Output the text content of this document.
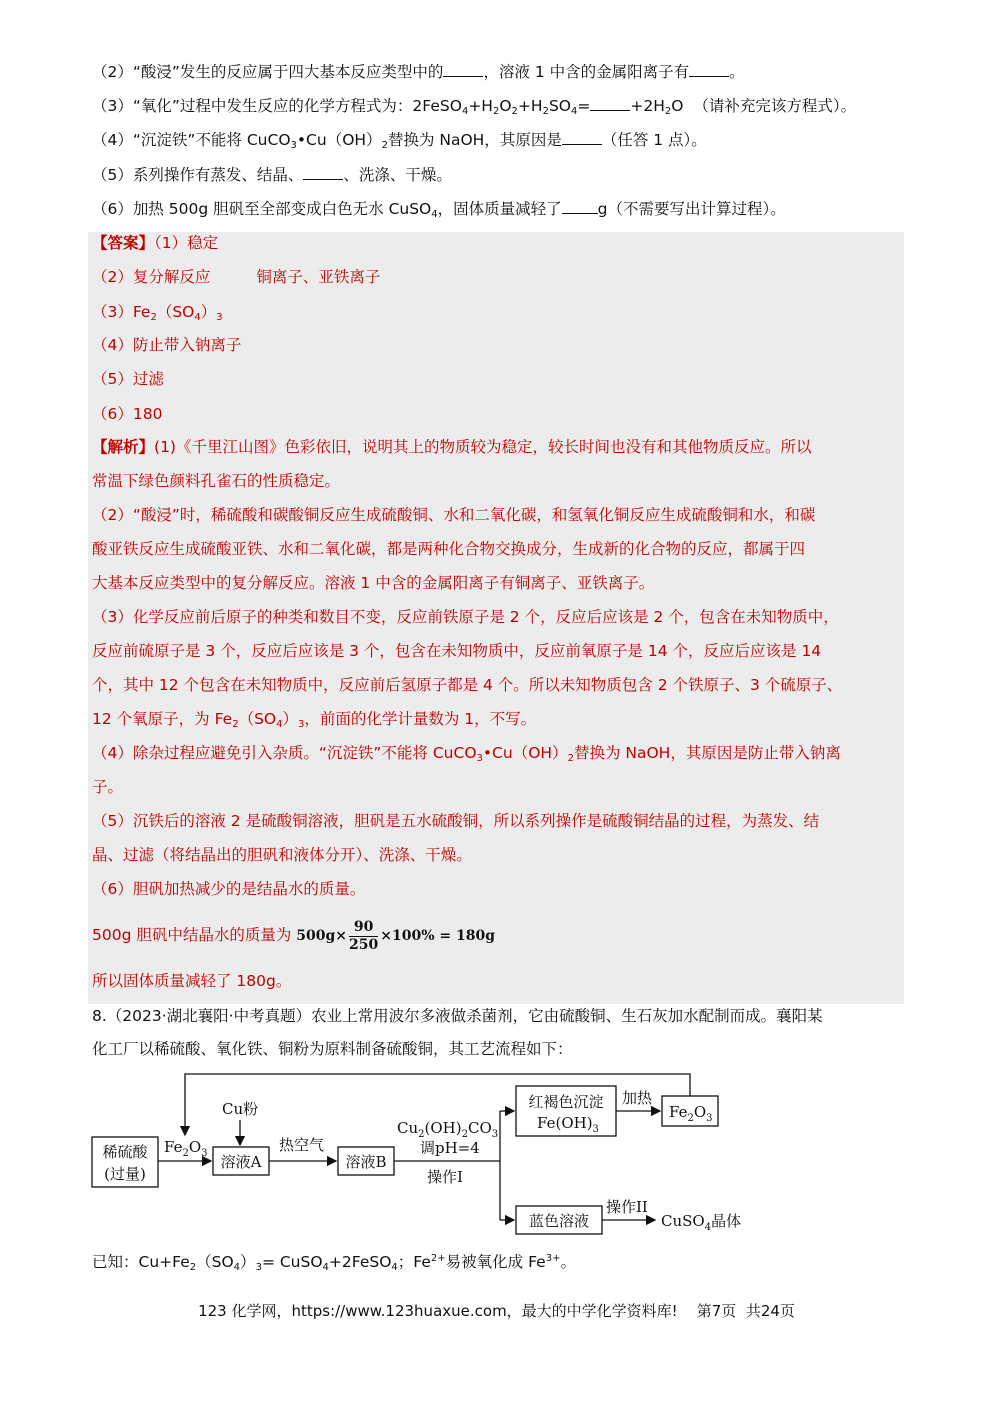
（2）“酸浸”发生的反应属于四大基本反应类型中的	，溶液 1 中含的金属阳离子有	。
（3）“氧化”过程中发生反应的化学方程式为：$2FeSO_4+H_2O_2+H_2SO_4=$	$+2H_2O$ （请补充完该方程式）。
（4）“沉淀铁”不能将 $CuCO_3•Cu(OH)_2$替换为 NaOH，其原因是	（任答 1 点）。
（5）系列操作有蒸发、结晶、	、洗涤、干燥。
（6）加热 500g 胆矾至全部变成白色无水 CuSO$_4$，固体质量减轻了 g（不需要写出计算过程）。
【答案】（1）稳定
（2）复分解反应	铜离子、亚铁离子
$(3)Fe_2(SO_4)_3$
（4）防止带入钠离子
（5）过滤
（6）180
【解析】(1)《千里江山图》色彩依旧，说明其上的物质较为稳定，较长时间也没有和其他物质反应。所以
常温下绿色颜料孔雀石的性质稳定。
（2）“酸浸”时，稀硫酸和碳酸铜反应生成硫酸铜、水和二氧化碳，和氢氧化铜反应生成硫酸铜和水，和碳
酸亚铁反应生成硫酸亚铁、水和二氧化碳，都是两种化合物交换成分，生成新的化合物的反应，都属于四
大基本反应类型中的复分解反应。溶液 1 中含的金属阳离子有铜离子、亚铁离子。
（3）化学反应前后原子的种类和数目不变，反应前铁原子是 2 个，反应后应该是 2 个，包含在未知物质中，
反应前硫原子是 3 个，反应后应该是 3 个，包含在未知物质中，反应前氧原子是 14 个，反应后应该是 14
个，其中 12 个包含在未知物质中，反应前后氢原子都是 4 个。所以未知物质包含 2 个铁原子、3 个硫原子、
12 个氧原子，为 $Fe_2(SO_4)_3$，前面的化学计量数为 1，不写。
（4）除杂过程应避免引入杂质。“沉淀铁”不能将 $CuCO_3•Cu(OH)_2$替换为 NaOH，其原因是防止带入钠离
子。
（5）沉铁后的溶液 2 是硫酸铜溶液，胆矾是五水硫酸铜，所以系列操作是硫酸铜结晶的过程，为蒸发、结
晶、过滤（将结晶出的胆矾和液体分开）、洗涤、干燥。
（6）胆矾加热减少的是结晶水的质量。
500g 胆矾中结晶水的质量为 $500g\times \frac{90}{250} \times 100\% = 180g$
所以固体质量减轻了 180g。
8.（2023·湖北襄阳·中考真题）农业上常用波尔多液做杀菌剂，它由硫酸铜、生石灰加水配制而成。襄阳某
化工厂以稀硫酸、氧化铁、铜粉为原料制备硫酸铜，其工艺流程如下：
稀硫酸
(过量)
$Fe_2O_3$
Cu粉
溶液A
热空气
溶液B
$Cu_2(OH)_2CO_3$
调pH=4
操作I
红褐色沉淀
$Fe(OH)_3$
加热
$Fe_2O_3$
蓝色溶液
操作II
CuSO$_4$晶体
已知：$Cu+Fe_2(SO_4)_3=$ CuSO$_4$+2FeSO$_4$；$Fe^{2+}$易被氧化成 $Fe^{3+}$。
123 化学网，https://www.123huaxue.com，最大的中学化学资料库!    第7页  共24页
